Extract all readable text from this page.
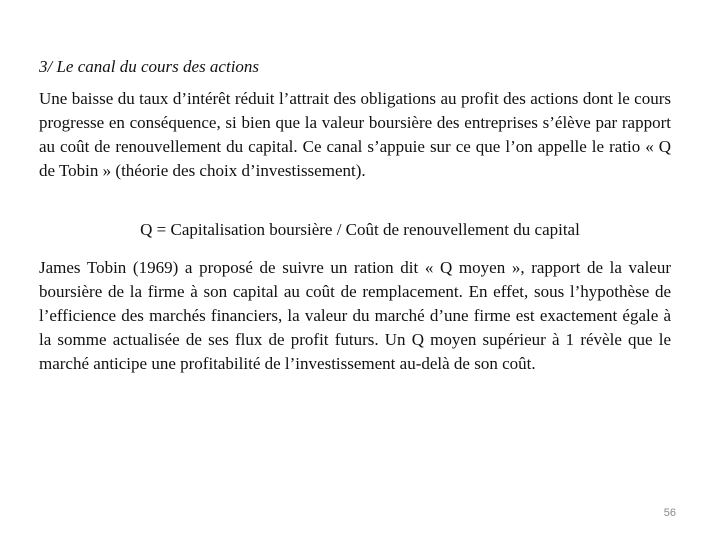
3/ Le canal du cours des actions

Une baisse du taux d’intérêt réduit l’attrait des obligations au profit des actions dont le cours progresse en conséquence, si bien que la valeur boursière des entreprises s’élève par rapport au coût de renouvellement du capital. Ce canal s’appuie sur ce que l’on appelle le ratio « Q de Tobin » (théorie des choix d’investissement).

Q = Capitalisation boursière / Coût de renouvellement du capital

James Tobin (1969) a proposé de suivre un ration dit « Q moyen », rapport de la valeur boursière de la firme à son capital au coût de remplacement. En effet, sous l’hypothèse de l’efficience des marchés financiers, la valeur du marché d’une firme est exactement égale à la somme actualisée de ses flux de profit futurs. Un Q moyen supérieur à 1 révèle que le marché anticipe une profitabilité de l’investissement au-delà de son coût.

56
